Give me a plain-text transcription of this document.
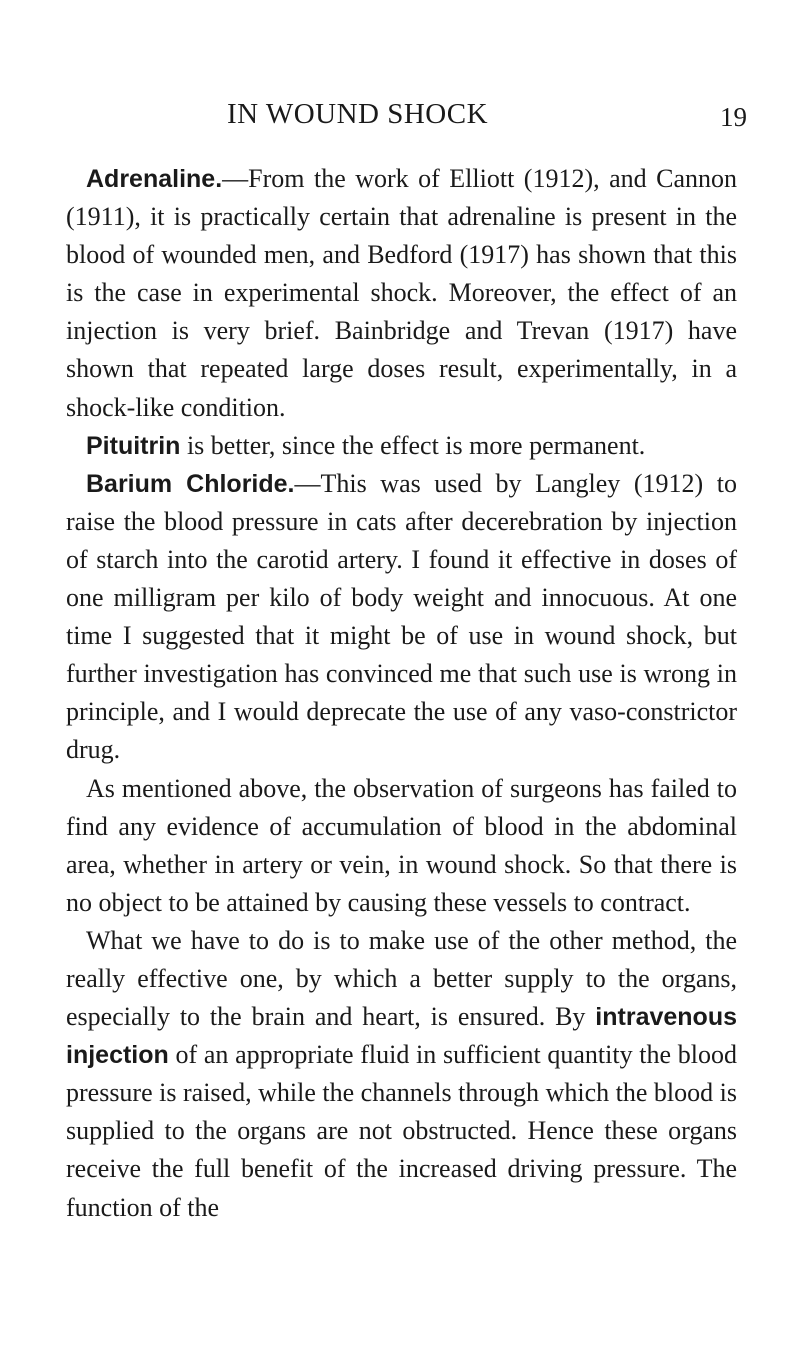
IN WOUND SHOCK	19

Adrenaline.—From the work of Elliott (1912), and Cannon (1911), it is practically certain that adrenaline is present in the blood of wounded men, and Bedford (1917) has shown that this is the case in experimental shock. Moreover, the effect of an injection is very brief. Bainbridge and Trevan (1917) have shown that repeated large doses result, experimentally, in a shock-like condition.

Pituitrin is better, since the effect is more permanent.

Barium Chloride.—This was used by Langley (1912) to raise the blood pressure in cats after decerebration by injection of starch into the carotid artery. I found it effective in doses of one milligram per kilo of body weight and innocuous. At one time I suggested that it might be of use in wound shock, but further investigation has convinced me that such use is wrong in principle, and I would deprecate the use of any vaso-constrictor drug.

As mentioned above, the observation of surgeons has failed to find any evidence of accumulation of blood in the abdominal area, whether in artery or vein, in wound shock. So that there is no object to be attained by causing these vessels to contract.

What we have to do is to make use of the other method, the really effective one, by which a better supply to the organs, especially to the brain and heart, is ensured. By intravenous injection of an appropriate fluid in sufficient quantity the blood pressure is raised, while the channels through which the blood is supplied to the organs are not obstructed. Hence these organs receive the full benefit of the increased driving pressure. The function of the
